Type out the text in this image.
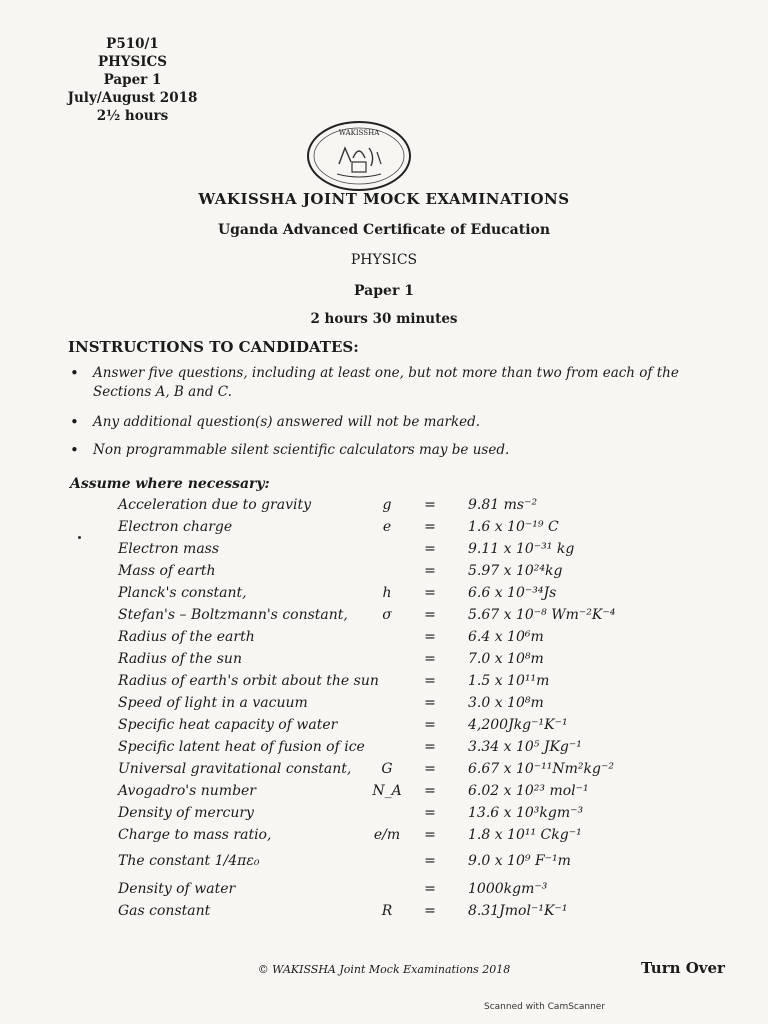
P510/1
PHYSICS
Paper 1
July/August 2018
2½ hours
WAKISSHA
WAKISSHA JOINT MOCK EXAMINATIONS
Uganda Advanced Certificate of Education
PHYSICS
Paper 1
2 hours 30 minutes
INSTRUCTIONS TO CANDIDATES:
• Answer five questions, including at least one, but not more than two from each of the Sections A, B and C.
• Any additional question(s) answered will not be marked.
• Non programmable silent scientific calculators may be used.
Assume where necessary:
Acceleration due to gravity	g	= 9.81 ms⁻²
Electron charge	e	= 1.6 x 10⁻¹⁹ C
Electron mass	= 9.11 x 10⁻³¹ kg
Mass of earth	= 5.97 x 10²⁴kg
Planck's constant,	h	= 6.6 x 10⁻³⁴Js
Stefan's – Boltzmann's constant,	σ	= 5.67 x 10⁻⁸ Wm⁻²K⁻⁴
Radius of the earth	= 6.4 x 10⁶m
Radius of the sun	= 7.0 x 10⁸m
Radius of earth's orbit about the sun	= 1.5 x 10¹¹m
Speed of light in a vacuum	= 3.0 x 10⁸m
Specific heat capacity of water	= 4,200Jkg⁻¹K⁻¹
Specific latent heat of fusion of ice	= 3.34 x 10⁵ JKg⁻¹
Universal gravitational constant,	G	= 6.67 x 10⁻¹¹Nm²kg⁻²
Avogadro's number	N_A = 6.02 x 10²³ mol⁻¹
Density of mercury	= 13.6 x 10³kgm⁻³
Charge to mass ratio,	e/m = 1.8 x 10¹¹ Ckg⁻¹
The constant 1/4πε₀	= 9.0 x 10⁹ F⁻¹m
Density of water	= 1000kgm⁻³
Gas constant	R	= 8.31Jmol⁻¹K⁻¹
© WAKISSHA Joint Mock Examinations 2018	Turn Over
Scanned with CamScanner
